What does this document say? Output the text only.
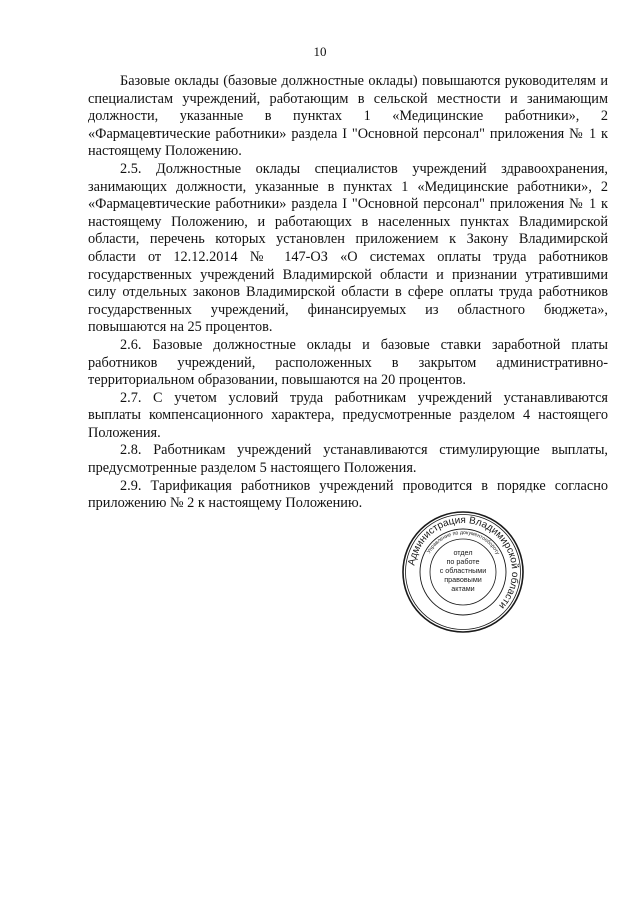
10

Базовые оклады (базовые должностные оклады) повышаются руководителям и специалистам учреждений, работающим в сельской местности и занимающим должности, указанные в пунктах 1 «Медицинские работники», 2 «Фармацевтические работники» раздела I "Основной персонал" приложения № 1 к настоящему Положению.

2.5. Должностные оклады специалистов учреждений здравоохранения, занимающих должности, указанные в пунктах 1 «Медицинские работники», 2 «Фармацевтические работники» раздела I "Основной персонал" приложения № 1 к настоящему Положению, и работающих в населенных пунктах Владимирской области, перечень которых установлен приложением к Закону Владимирской области от 12.12.2014 № 147-ОЗ «О системах оплаты труда работников государственных учреждений Владимирской области и признании утратившими силу отдельных законов Владимирской области в сфере оплаты труда работников государственных учреждений, финансируемых из областного бюджета», повышаются на 25 процентов.

2.6. Базовые должностные оклады и базовые ставки заработной платы работников учреждений, расположенных в закрытом административно-территориальном образовании, повышаются на 20 процентов.

2.7. С учетом условий труда работникам учреждений устанавливаются выплаты компенсационного характера, предусмотренные разделом 4 настоящего Положения.

2.8. Работникам учреждений устанавливаются стимулирующие выплаты, предусмотренные разделом 5 настоящего Положения.

2.9. Тарификация работников учреждений проводится в порядке согласно приложению № 2 к настоящему Положению.

Администрация Владимирской области
Управление по документообороту
отдел
по работе
с областными
правовыми
актами
